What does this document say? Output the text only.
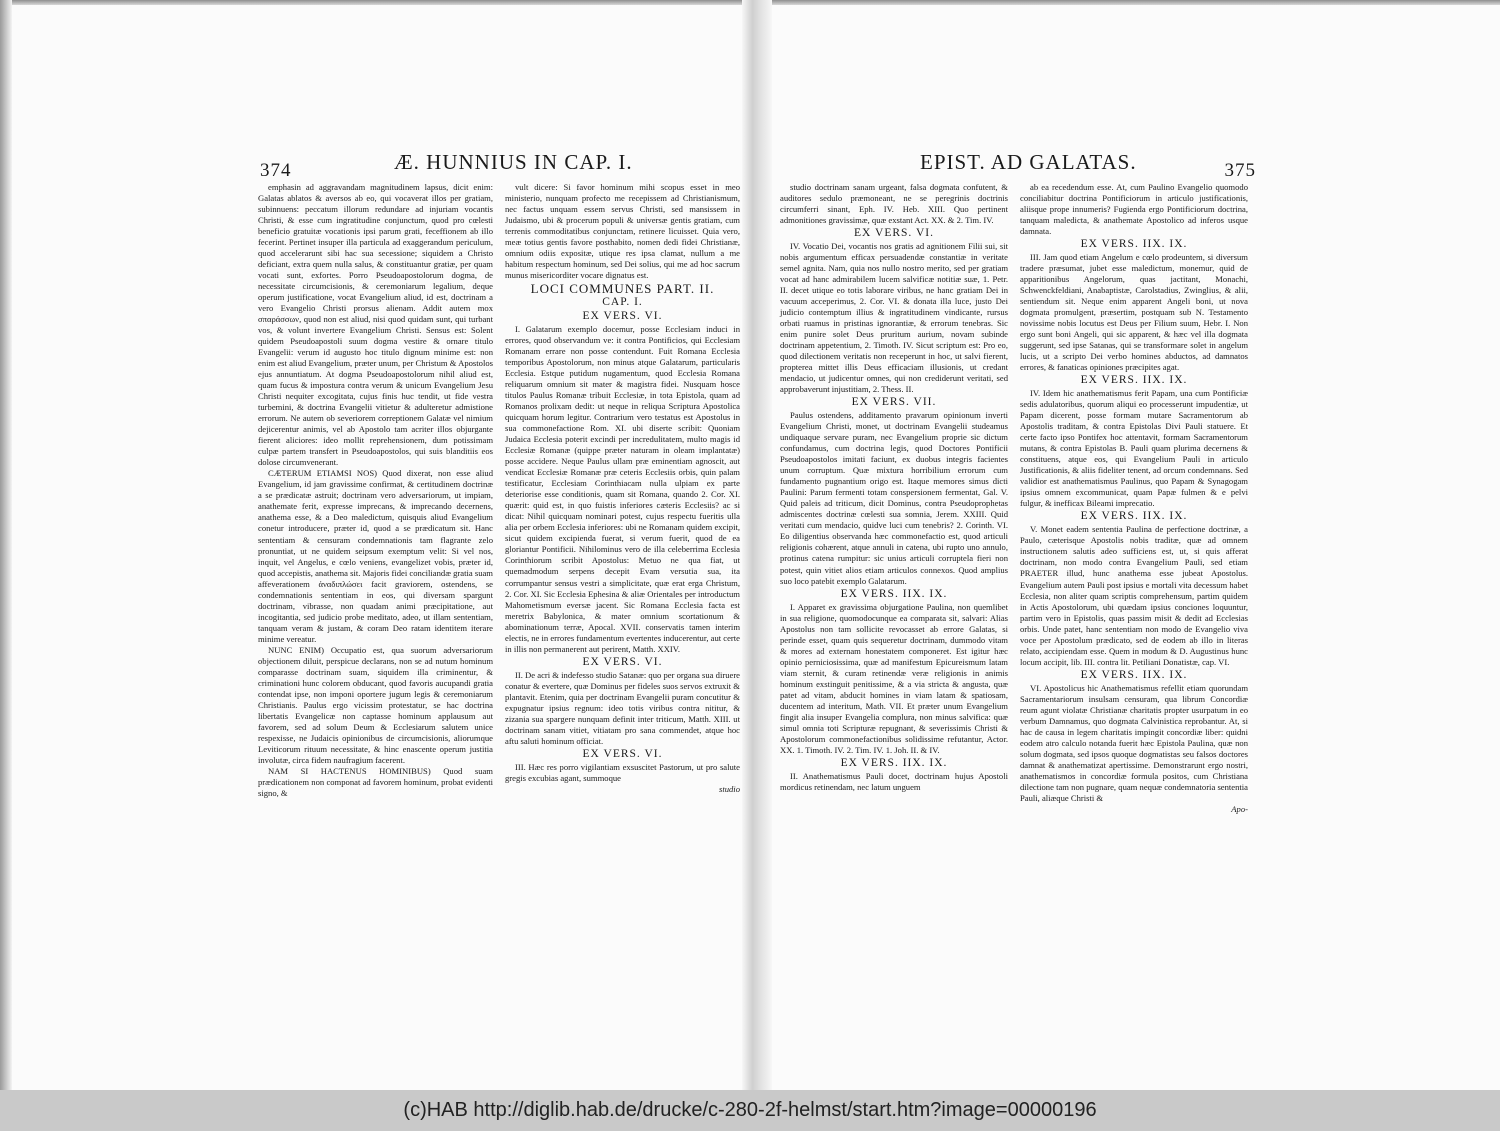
374	Æ. HUNNIUS IN CAP. I.

emphasin ad aggravandam magnitudinem lapsus, dicit enim: Galatas ablatos & aversos ab eo, qui vocaverat illos per gratiam, subinnuens: peccatum illorum redundare ad injuriam vocantis Christi, & esse cum ingratitudine conjunctum, quod pro cœlesti beneficio gratuitæ vocationis ipsi parum grati, feceffionem ab illo fecerint. Pertinet insuper illa particula ad exaggerandum periculum, quod accelerarunt sibi hac sua secessione; siquidem a Christo deficiant, extra quem nulla salus, & constituantur gratiæ, per quam vocati sunt, exfortes. Porro Pseudoapostolorum dogma, de necessitate circumcisionis, & ceremoniarum legalium, deque operum justificatione, vocat Evangelium aliud, id est, doctrinam a vero Evangelio Christi prorsus alienam. Addit autem mox σπαράσσων, quod non est aliud, nisi quod quidam sunt, qui turbant vos, & volunt invertere Evangelium Christi. Sensus est: Solent quidem Pseudoapostoli suum dogma vestire & ornare titulo Evangelii: verum id augusto hoc titulo dignum minime est: non enim est aliud Evangelium, præter unum, per Christum & Apostolos ejus annuntiatum. At dogma Pseudoapostolorum nihil aliud est, quam fucus & impostura contra verum & unicum Evangelium Jesu Christi nequiter excogitata, cujus finis huc tendit, ut fide vestra turbemini, & doctrina Evangelii vitietur & adulteretur admistione errorum. Ne autem ob severiorem correptionem Galatæ vel nimium dejicerentur animis, vel ab Apostolo tam acriter illos objurgante fierent aliciores: ideo mollit reprehensionem, dum potissimam culpæ partem transfert in Pseudoapostolos, qui suis blanditiis eos dolose circumvenerant.

CÆTERUM ETIAMSI NOS) Quod dixerat, non esse aliud Evangelium, id jam gravissime confirmat, & certitudinem doctrinæ a se prædicatæ astruit; doctrinam vero adversariorum, ut impiam, anathemate ferit, expresse imprecans, & imprecando decernens, anathema esse, & a Deo maledictum, quisquis aliud Evangelium conetur introducere, præter id, quod a se prædicatum sit. Hanc sententiam & censuram condemnationis tam flagrante zelo pronuntiat, ut ne quidem seipsum exemptum velit: Si vel nos, inquit, vel Angelus, e cœlo veniens, evangelizet vobis, præter id, quod accepistis, anathema sit. Majoris fidei conciliandæ gratia suam affeverationem ἀναδιπλώσει facit graviorem, ostendens, se condemnationis sententiam in eos, qui diversam spargunt doctrinam, vibrasse, non quadam animi præcipitatione, aut incogitantia, sed judicio probe meditato, adeo, ut illam sententiam, tanquam veram & justam, & coram Deo ratam identitem iterare minime vereatur.

NUNC ENIM) Occupatio est, qua suorum adversariorum objectionem diluit, perspicue declarans, non se ad nutum hominum comparasse doctrinam suam, siquidem illa criminentur, & criminationi hunc colorem obducant, quod favoris aucupandi gratia contendat ipse, non imponi oportere jugum legis & ceremoniarum Christianis. Paulus ergo vicissim protestatur, se hac doctrina libertatis Evangelicæ non captasse hominum applausum aut favorem, sed ad solum Deum & Ecclesiarum salutem unice respexisse, ne Judaicis opinionibus de circumcisionis, aliorumque Leviticorum rituum necessitate, & hinc enascente operum justitia involutæ, circa fidem naufragium facerent.

NAM SI HACTENUS HOMINIBUS) Quod suam prædicationem non componat ad favorem hominum, probat evidenti signo, &

vult dicere: Si favor hominum mihi scopus esset in meo ministerio, nunquam profecto me recepissem ad Christianismum, nec factus unquam essem servus Christi, sed mansissem in Judaismo, ubi & procerum populi & universæ gentis gratiam, cum terrenis commoditatibus conjunctam, retinere licuisset. Quia vero, meæ totius gentis favore posthabito, nomen dedi fidei Christianæ, omnium odiis expositæ, utique res ipsa clamat, nullum a me habitum respectum hominum, sed Dei solius, qui me ad hoc sacrum munus misericorditer vocare dignatus est.

LOCI COMMUNES PART. II.
CAP. I.
EX VERS. VI.

I. Galatarum exemplo docemur, posse Ecclesiam induci in errores, quod observandum ve: it contra Pontificios, qui Ecclesiam Romanam errare non posse contendunt. Fuit Romana Ecclesia temporibus Apostolorum, non minus atque Galatarum, particularis Ecclesia. Estque putidum nugamentum, quod Ecclesia Romana reliquarum omnium sit mater & magistra fidei. Nusquam hosce titulos Paulus Romanæ tribuit Ecclesiæ, in tota Epistola, quam ad Romanos prolixam dedit: ut neque in reliqua Scriptura Apostolica quicquam horum legitur. Contrarium vero testatus est Apostolus in sua commonefactione Rom. XI. ubi diserte scribit: Quoniam Judaica Ecclesia poterit excindi per incredulitatem, multo magis id Ecclesiæ Romanæ (quippe præter naturam in oleam implantatæ) posse accidere. Neque Paulus ullam præ eminentiam agnoscit, aut vendicat Ecclesiæ Romanæ præ ceteris Ecclesiis orbis, quin palam testificatur, Ecclesiam Corinthiacam nulla ulpiam ex parte deteriorise esse conditionis, quam sit Romana, quando 2. Cor. XI. quærit: quid est, in quo fuistis inferiores cæteris Ecclesiis? ac si dicat: Nihil quicquam nominari potest, cujus respectu fueritis ulla alia per orbem Ecclesia inferiores: ubi ne Romanam quidem excipit, sicut quidem excipienda fuerat, si verum fuerit, quod de ea gloriantur Pontificii. Nihilominus vero de illa celeberrima Ecclesia Corinthiorum scribit Apostolus: Metuo ne qua fiat, ut quemadmodum serpens decepit Evam versutia sua, ita corrumpantur sensus vestri a simplicitate, quæ erat erga Christum, 2. Cor. XI. Sic Ecclesia Ephesina & aliæ Orientales per introductum Mahometismum eversæ jacent. Sic Romana Ecclesia facta est meretrix Babylonica, & mater omnium scortationum & abominationum terræ, Apocal. XVII. conservatis tamen interim electis, ne in errores fundamentum evertentes inducerentur, aut certe in illis non permanerent aut perirent, Matth. XXIV.

EX VERS. VI.

II. De acri & indefesso studio Satanæ: quo per organa sua diruere conatur & evertere, quæ Dominus per fideles suos servos extruxit & plantavit. Etenim, quia per doctrinam Evangelii puram concutitur & expugnatur ipsius regnum: ideo totis viribus contra nititur, & zizania sua spargere nunquam definit inter triticum, Matth. XIII. ut doctrinam sanam vitiet, vitiatam pro sana commendet, atque hoc aftu saluti hominum officiat.

EX VERS. VI.

III. Hæc res porro vigilantiam exsuscitet Pastorum, ut pro salute gregis excubias agant, summoque

studio
EPIST. AD GALATAS.	375

studio doctrinam sanam urgeant, falsa dogmata confutent, & auditores sedulo præmoneant, ne se peregrinis doctrinis circumferri sinant, Eph. IV. Heb. XIII. Quo pertinent admonitiones gravissimæ, quæ exstant Act. XX. & 2. Tim. IV.

EX VERS. VI.

IV. Vocatio Dei, vocantis nos gratis ad agnitionem Filii sui, sit nobis argumentum efficax persuadendæ constantiæ in veritate semel agnita. Nam, quia nos nullo nostro merito, sed per gratiam vocat ad hanc admirabilem lucem salvificæ notitiæ suæ, 1. Petr. II. decet utique eo totis laborare viribus, ne hanc gratiam Dei in vacuum acceperimus, 2. Cor. VI. & donata illa luce, justo Dei judicio contemptum illius & ingratitudinem vindicante, rursus orbati ruamus in pristinas ignorantiæ, & errorum tenebras. Sic enim punire solet Deus pruritum aurium, novam subinde doctrinam appetentium, 2. Timoth. IV. Sicut scriptum est: Pro eo, quod dilectionem veritatis non receperunt in hoc, ut salvi fierent, propterea mittet illis Deus efficaciam illusionis, ut credant mendacio, ut judicentur omnes, qui non crediderunt veritati, sed approbaverunt injustitiam, 2. Thess. II.

EX VERS. VII.

Paulus ostendens, additamento pravarum opinionum inverti Evangelium Christi, monet, ut doctrinam Evangelii studeamus undiquaque servare puram, nec Evangelium proprie sic dictum confundamus, cum doctrina legis, quod Doctores Pontificii Pseudoapostolos imitati faciunt, ex duobus integris facientes unum corruptum. Quæ mixtura horribilium errorum cum fundamento pugnantium origo est. Itaque memores simus dicti Paulini: Parum fermenti totam conspersionem fermentat, Gal. V. Quid paleis ad triticum, dicit Dominus, contra Pseudoprophetas admiscentes doctrinæ cœlesti sua somnia, Jerem. XXIII. Quid veritati cum mendacio, quidve luci cum tenebris? 2. Corinth. VI. Eo diligentius observanda hæc commonefactio est, quod articuli religionis cohærent, atque annuli in catena, ubi rupto uno annulo, protinus catena rumpitur: sic unius articuli corruptela fieri non potest, quin vitiet alios etiam articulos connexos. Quod amplius suo loco patebit exemplo Galatarum.

EX VERS. IIX. IX.

I. Apparet ex gravissima objurgatione Paulina, non quemlibet in sua religione, quomodocunque ea comparata sit, salvari: Alias Apostolus non tam sollicite revocasset ab errore Galatas, si perinde esset, quam quis sequeretur doctrinam, dummodo vitam & mores ad externam honestatem componeret. Est igitur hæc opinio perniciosissima, quæ ad manifestum Epicureismum latam viam sternit, & curam retinendæ veræ religionis in animis hominum exstinguit penitissime, & a via stricta & angusta, quæ patet ad vitam, abducit homines in viam latam & spatiosam, ducentem ad interitum, Math. VII. Et præter unum Evangelium fingit alia insuper Evangelia complura, non minus salvifica: quæ simul omnia toti Scripturæ repugnant, & severissimis Christi & Apostolorum commonefactionibus solidissime refutantur, Actor. XX. 1. Timoth. IV. 2. Tim. IV. 1. Joh. II. & IV.

EX VERS. IIX. IX.

II. Anathematismus Pauli docet, doctrinam hujus Apostoli mordicus retinendam, nec latum unguem

ab ea recedendum esse. At, cum Paulino Evangelio quomodo conciliabitur doctrina Pontificiorum in articulo justificationis, aliisque prope innumeris? Fugienda ergo Pontificiorum doctrina, tanquam maledicta, & anathemate Apostolico ad inferos usque damnata.

EX VERS. IIX. IX.

III. Jam quod etiam Angelum e cœlo prodeuntem, si diversum tradere præsumat, jubet esse maledictum, monemur, quid de apparitionibus Angelorum, quas jactitant, Monachi, Schwenckfeldiani, Anabaptistæ, Carolstadius, Zwinglius, & alii, sentiendum sit. Neque enim apparent Angeli boni, ut nova dogmata promulgent, præsertim, postquam sub N. Testamento novissime nobis locutus est Deus per Filium suum, Hebr. I. Non ergo sunt boni Angeli, qui sic apparent, & hæc vel illa dogmata suggerunt, sed ipse Satanas, qui se transformare solet in angelum lucis, ut a scripto Dei verbo homines abductos, ad damnatos errores, & fanaticas opiniones præcipites agat.

EX VERS. IIX. IX.

IV. Idem hic anathematismus ferit Papam, una cum Pontificiæ sedis adulatoribus, quorum aliqui eo processerunt impudentiæ, ut Papam dicerent, posse formam mutare Sacramentorum ab Apostolis traditam, & contra Epistolas Divi Pauli statuere. Et certe facto ipso Pontifex hoc attentavit, formam Sacramentorum mutans, & contra Epistolas B. Pauli quam plurima decernens & constituens, atque eos, qui Evangelium Pauli in articulo Justificationis, & aliis fideliter tenent, ad orcum condemnans. Sed validior est anathematismus Paulinus, quo Papam & Synagogam ipsius omnem excommunicat, quam Papæ fulmen & e pelvi fulgur, & inefficax Bileami imprecatio.

EX VERS. IIX. IX.

V. Monet eadem sententia Paulina de perfectione doctrinæ, a Paulo, cæterisque Apostolis nobis traditæ, quæ ad omnem instructionem salutis adeo sufficiens est, ut, si quis afferat doctrinam, non modo contra Evangelium Pauli, sed etiam PRAETER illud, hunc anathema esse jubeat Apostolus. Evangelium autem Pauli post ipsius e mortali vita decessum habet Ecclesia, non aliter quam scriptis comprehensum, partim quidem in Actis Apostolorum, ubi quædam ipsius conciones loquuntur, partim vero in Epistolis, quas passim misit & dedit ad Ecclesias orbis. Unde patet, hanc sententiam non modo de Evangelio viva voce per Apostolum prædicato, sed de eodem ab illo in literas relato, accipiendam esse. Quem in modum & D. Augustinus hunc locum accipit, lib. III. contra lit. Petiliani Donatistæ, cap. VI.

EX VERS. IIX. IX.

VI. Apostolicus hic Anathematismus refellit etiam quorundam Sacramentariorum insulsam censuram, qua librum Concordiæ reum agunt violatæ Christianæ charitatis propter usurpatum in eo verbum Damnamus, quo dogmata Calvinistica reprobantur. At, si hac de causa in legem charitatis impingit concordiæ liber: quidni eodem atro calculo notanda fuerit hæc Epistola Paulina, quæ non solum dogmata, sed ipsos quoque dogmatistas seu falsos doctores damnat & anathematizat apertissime. Demonstrarunt ergo nostri, anathematismos in concordiæ formula positos, cum Christiana dilectione tam non pugnare, quam nequæ condemnatoria sententia Pauli, aliæque Christi &

Apo-
(c)HAB http://diglib.hab.de/drucke/c-280-2f-helmst/start.htm?image=00000196
